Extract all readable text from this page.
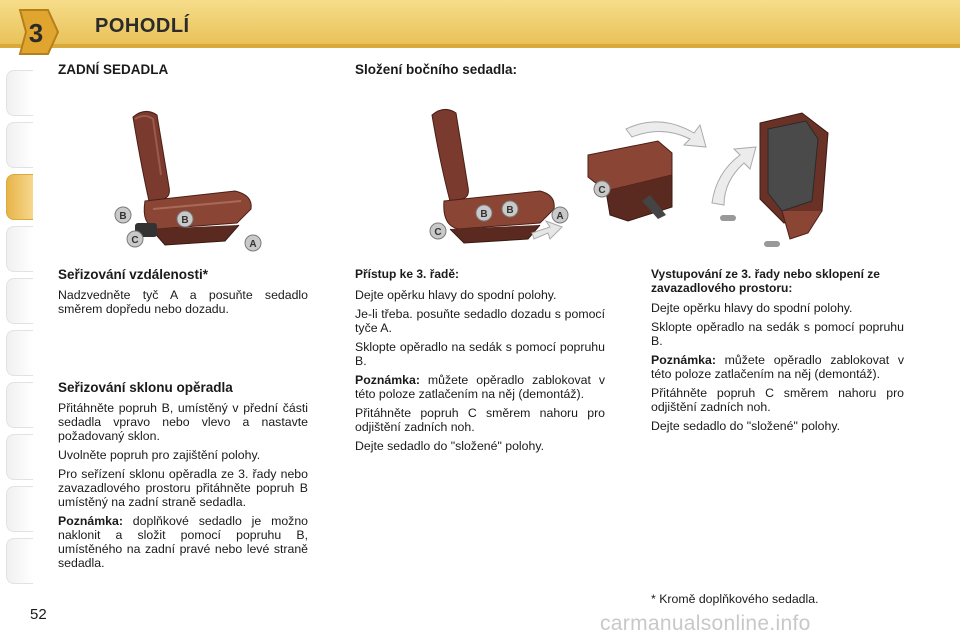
3	POHODLÍ
ZADNÍ SEDADLA	Složení bočního sedadla:
B	B
C	A
B B
C
A
C

Seřizování vzdálenosti*

Nadzvedněte tyč A a posuňte sedadlo směrem dopředu nebo dozadu.

Seřizování sklonu opěradla

Přitáhněte popruh B, umístěný v přední části sedadla vpravo nebo vlevo a nastavte požadovaný sklon.

Uvolněte popruh pro zajištění polohy.

Pro seřízení sklonu opěradla ze 3. řady nebo zavazadlového prostoru přitáhněte popruh B umístěný na zadní straně sedadla.

Poznámka: doplňkové sedadlo je možno naklonit a složit pomocí popruhu B, umístěného na zadní pravé nebo levé straně sedadla.

Přístup ke 3. řadě:

Dejte opěrku hlavy do spodní polohy.

Je-li třeba. posuňte sedadlo dozadu s pomocí tyče A.

Sklopte opěradlo na sedák s pomocí popruhu B.

Poznámka: můžete opěradlo zablokovat v této poloze zatlačením na něj (demontáž).

Přitáhněte popruh C směrem nahoru pro odjištění zadních noh.

Dejte sedadlo do "složené" polohy.

Vystupování ze 3. řady nebo sklopení ze zavazadlového prostoru:

Dejte opěrku hlavy do spodní polohy.

Sklopte opěradlo na sedák s pomocí popruhu B.

Poznámka: můžete opěradlo zablokovat v této poloze zatlačením na něj (demontáž).

Přitáhněte popruh C směrem nahoru pro odjištění zadních noh.

Dejte sedadlo do "složené" polohy.

* Kromě doplňkového sedadla.
52	carmanualsonline.info
